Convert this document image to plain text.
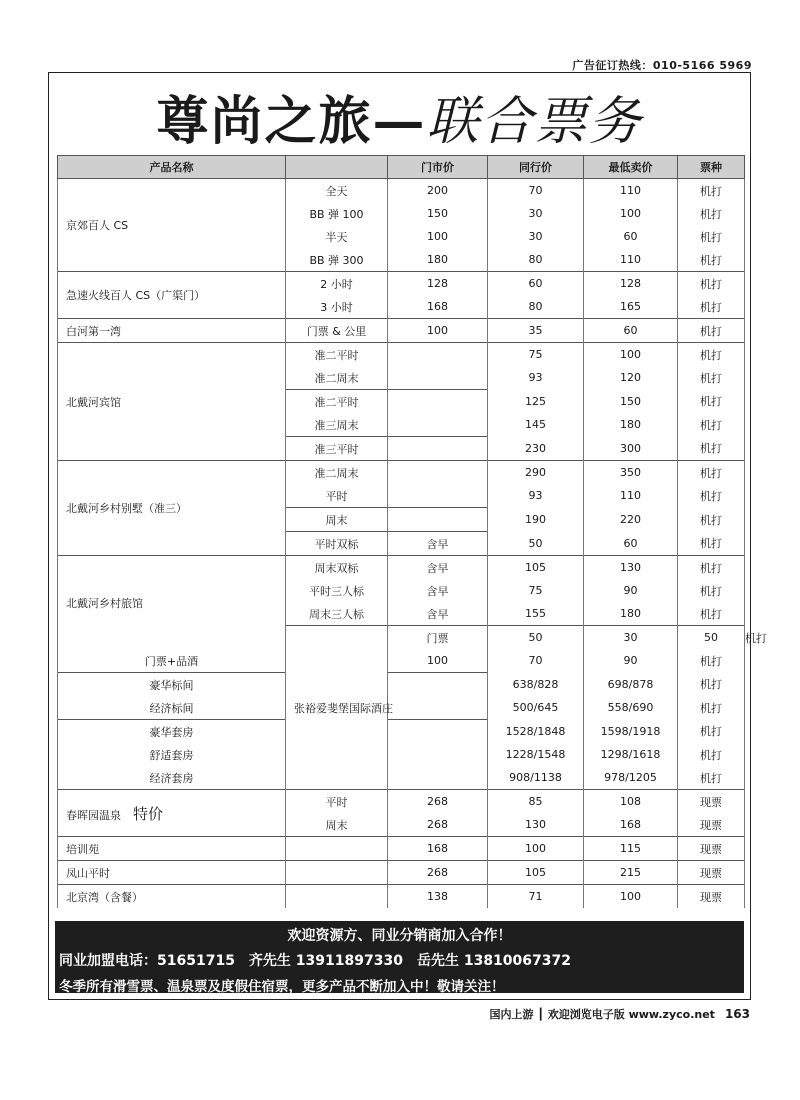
广告征订热线：010-5166 5969
尊尚之旅— 联合票务
产品名称		门市价	同行价	最低卖价	票种	
京郊百人 CS	全天	200	70	110	机打	
	BB 弹 100	150	30	100	机打	
	半天	100	30	60	机打	
	BB 弹 300	180	80	110	机打	
急速火线百人 CS（广渠门）	2 小时	128	60	128	机打	
	3 小时	168	80	165	机打	
白河第一湾	门票 & 公里	100	35	60	机打	
北戴河宾馆	准二平时		75	100	机打	
	准二周末		93	120	机打	
	准二平时		125	150	机打	
	准三周末		145	180	机打	
	准三平时		230	300	机打	
北戴河乡村别墅（准三）	准二周末		290	350	机打	
	平时		93	110	机打	
	周末		190	220	机打	
	平时双标	含早	50	60	机打	
北戴河乡村旅馆	周末双标	含早	105	130	机打	
	平时三人标	含早	75	90	机打	
	周末三人标	含早	155	180	机打	
	张裕爱斐堡国际酒庄	门票	50	30	50	机打
门票+品酒		100	70	90	机打	
豪华标间			638/828	698/878	机打	
经济标间			500/645	558/690	机打	
豪华套房			1528/1848	1598/1918	机打	
舒适套房			1228/1548	1298/1618	机打	
经济套房			908/1138	978/1205	机打	
春晖园温泉 特价	平时	268	85	108	现票	
	周末	268	130	168	现票	
培训苑		168	100	115	现票	
凤山平时		268	105	215	现票	
北京湾（含餐）		138	71	100	现票	
欢迎资源方、同业分销商加入合作！
同业加盟电话：51651715　齐先生 13911897330　岳先生 13810067372
冬季所有滑雪票、温泉票及度假住宿票，更多产品不断加入中！敬请关注！
国内上游 ┃ 欢迎浏览电子版 www.zyco.net 163
